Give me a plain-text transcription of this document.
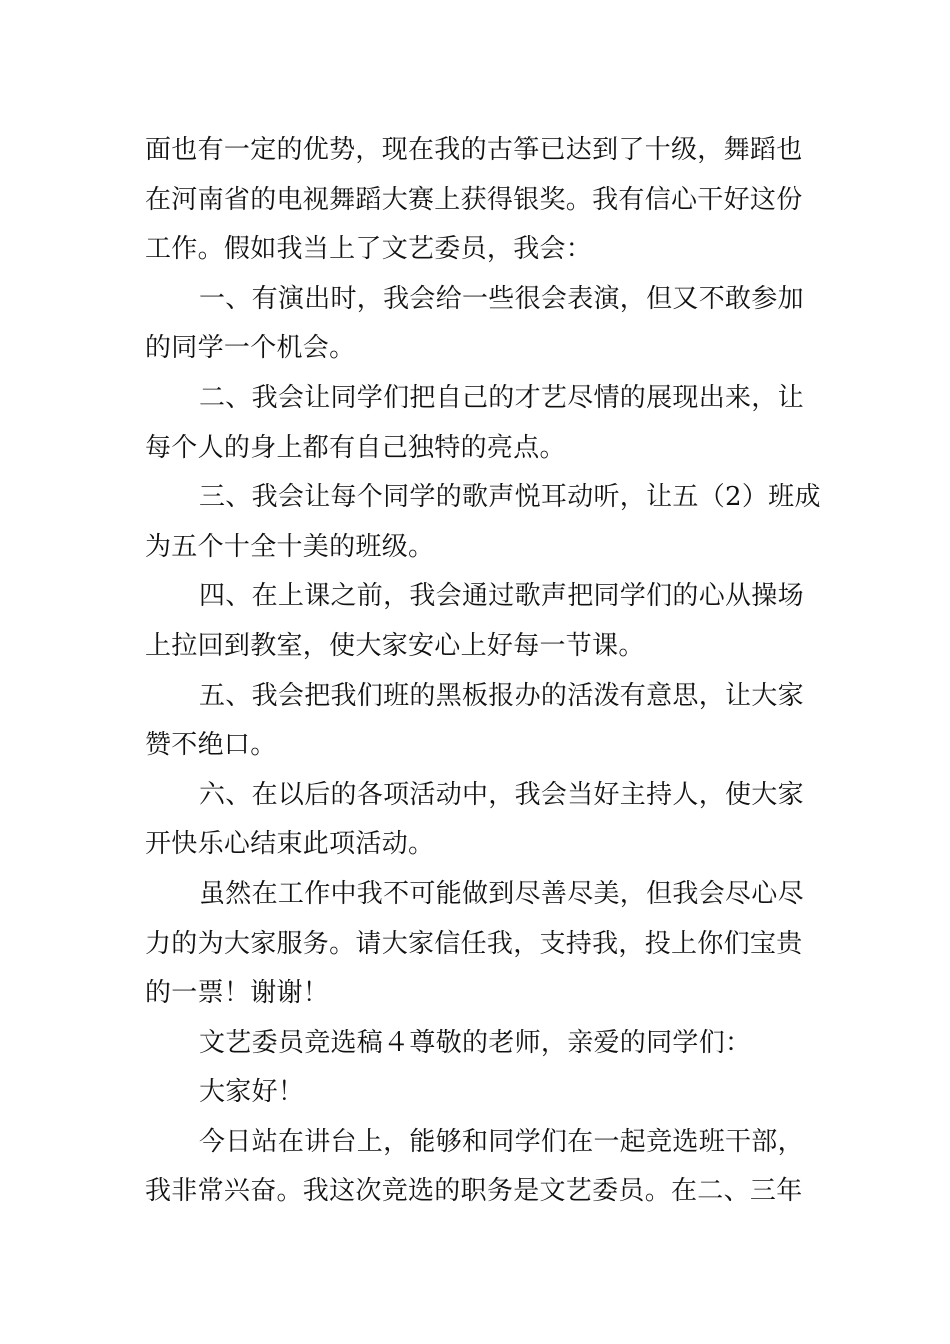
面也有一定的优势，现在我的古筝已达到了十级，舞蹈也
在河南省的电视舞蹈大赛上获得银奖。我有信心干好这份
工作。假如我当上了文艺委员，我会：
一、有演出时，我会给一些很会表演，但又不敢参加
的同学一个机会。
二、我会让同学们把自己的才艺尽情的展现出来，让
每个人的身上都有自己独特的亮点。
三、我会让每个同学的歌声悦耳动听，让五（2）班成
为五个十全十美的班级。
四、在上课之前，我会通过歌声把同学们的心从操场
上拉回到教室，使大家安心上好每一节课。
五、我会把我们班的黑板报办的活泼有意思，让大家
赞不绝口。
六、在以后的各项活动中，我会当好主持人，使大家
开快乐心结束此项活动。
虽然在工作中我不可能做到尽善尽美，但我会尽心尽
力的为大家服务。请大家信任我，支持我，投上你们宝贵
的一票！谢谢！
文艺委员竞选稿４尊敬的老师，亲爱的同学们：
大家好！
今日站在讲台上，能够和同学们在一起竞选班干部，
我非常兴奋。我这次竞选的职务是文艺委员。在二、三年
